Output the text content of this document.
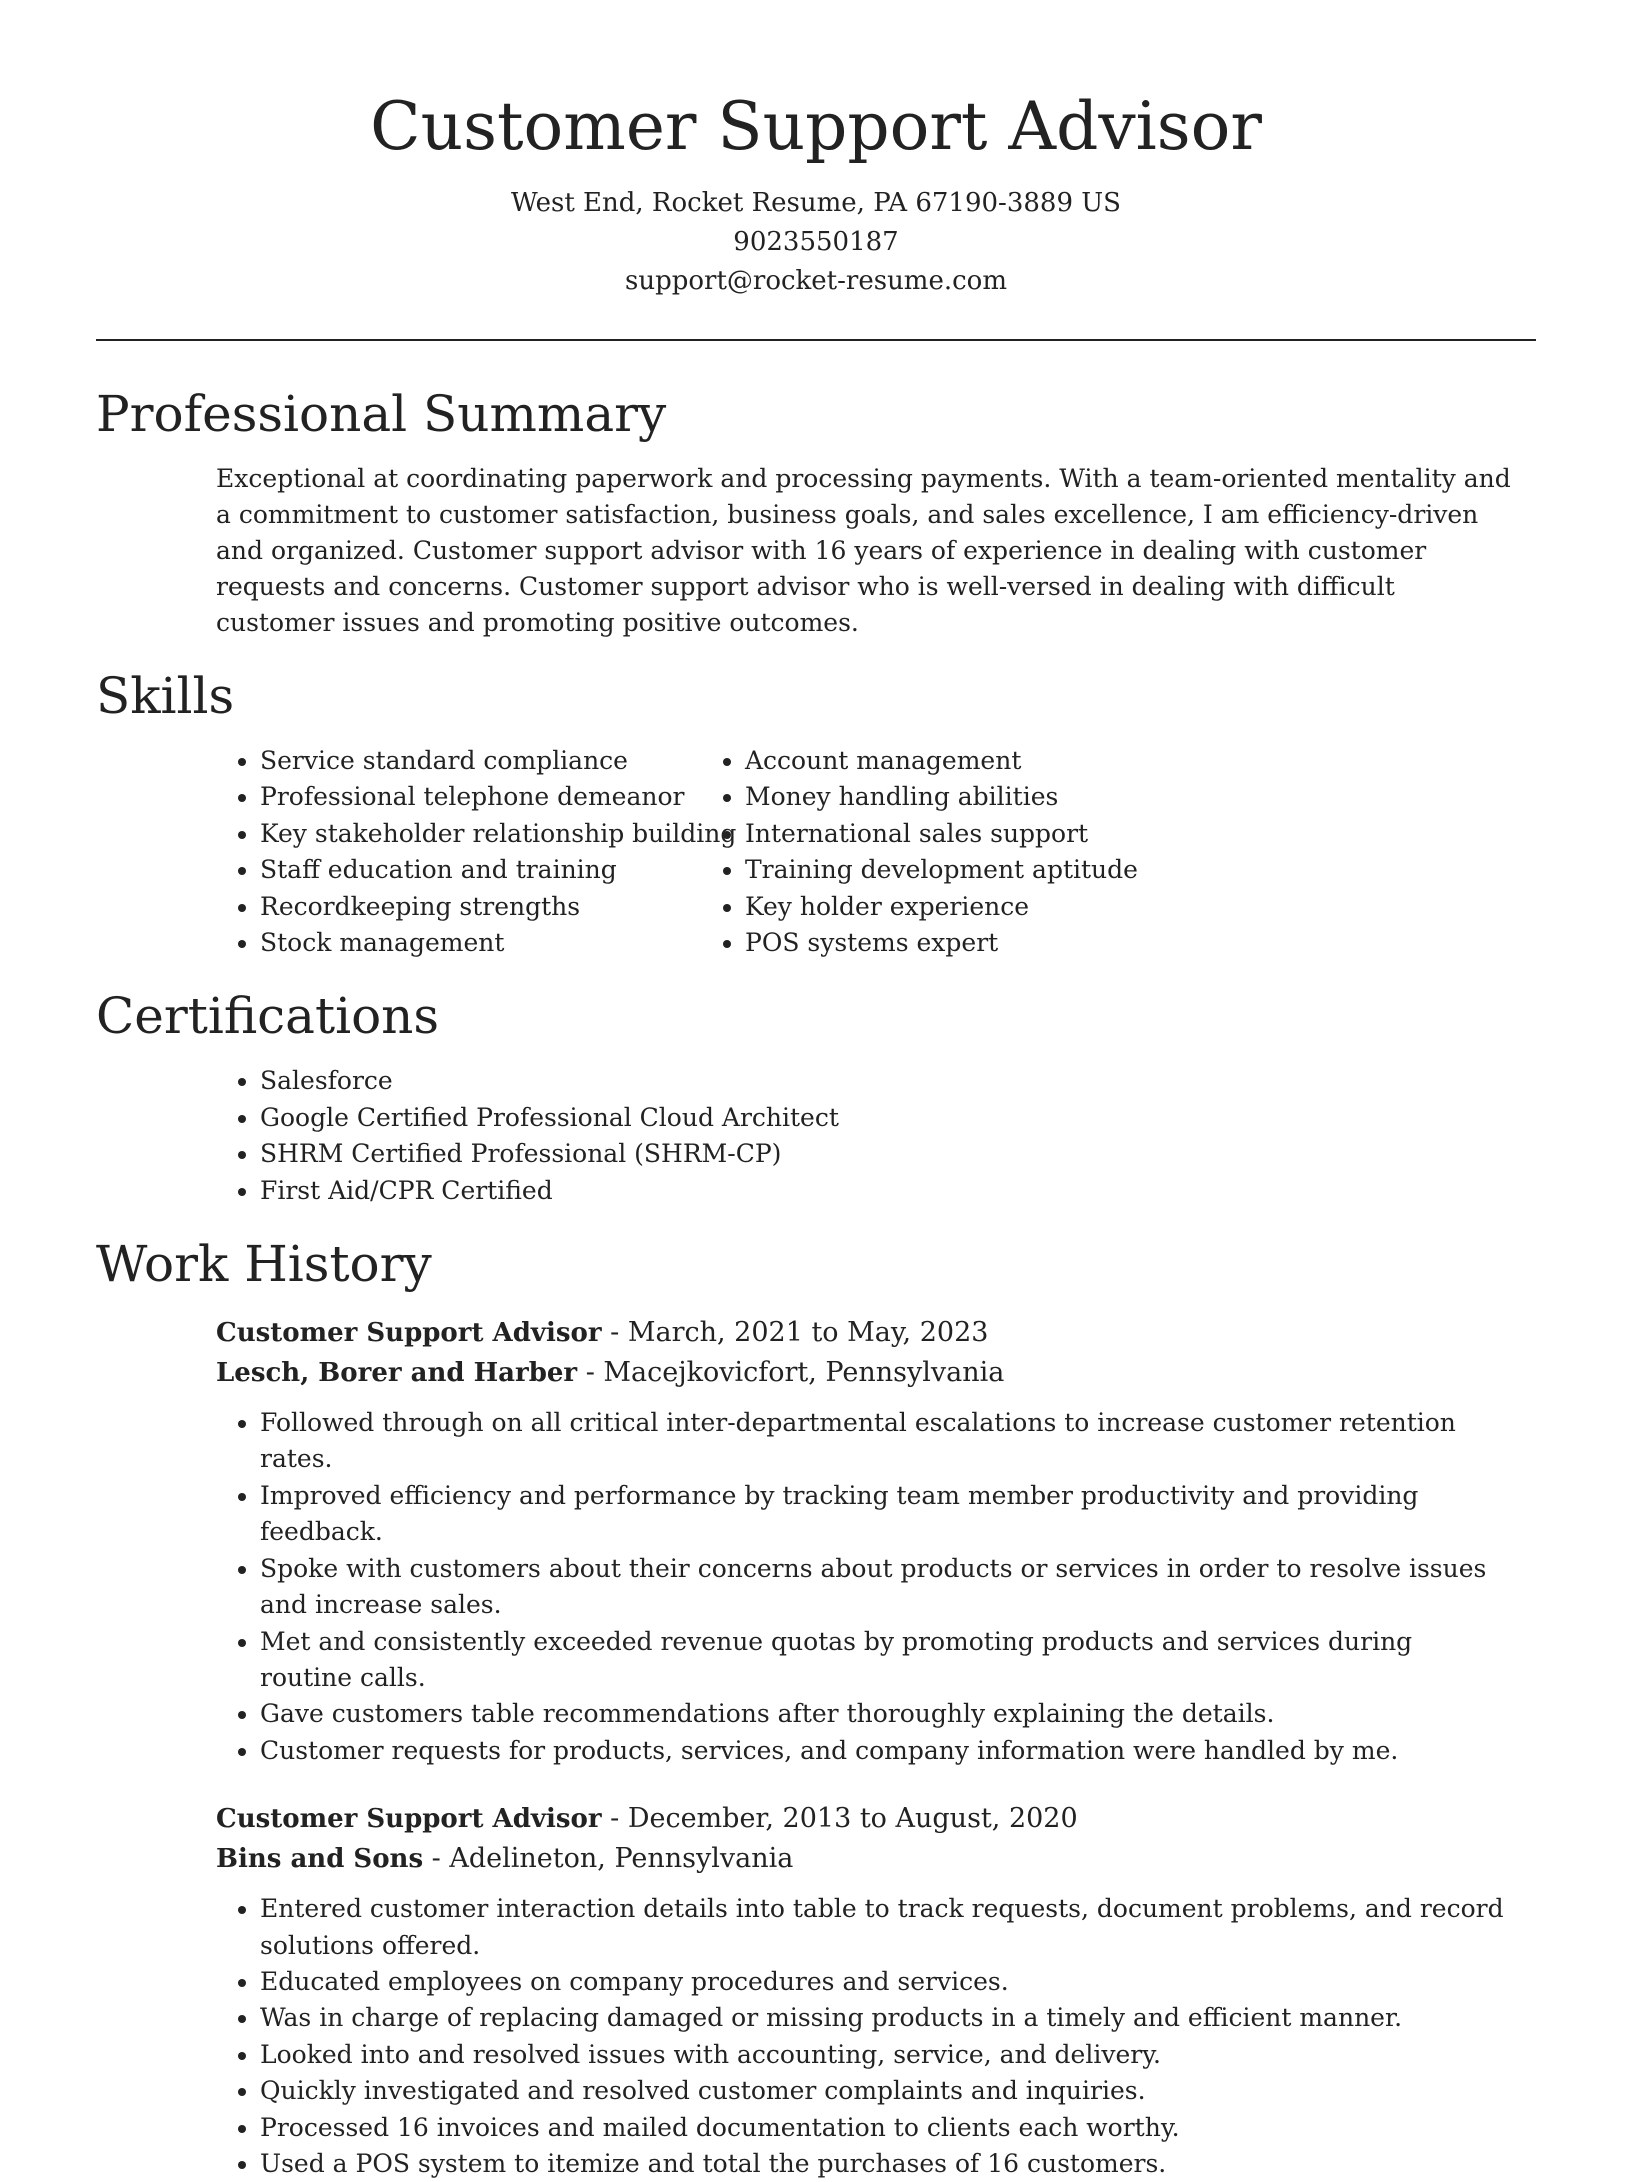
Customer Support Advisor
West End, Rocket Resume, PA 67190-3889 US
9023550187
support@rocket-resume.com
Professional Summary

Exceptional at coordinating paperwork and processing payments. With a team-oriented mentality and a commitment to customer satisfaction, business goals, and sales excellence, I am efficiency-driven and organized. Customer support advisor with 16 years of experience in dealing with customer requests and concerns. Customer support advisor who is well-versed in dealing with difficult customer issues and promoting positive outcomes.

Skills
• Service standard compliance
• Professional telephone demeanor
• Key stakeholder relationship building
• Staff education and training
• Recordkeeping strengths
• Stock management
• Account management
• Money handling abilities
• International sales support
• Training development aptitude
• Key holder experience
• POS systems expert
Certifications
• Salesforce
• Google Certified Professional Cloud Architect
• SHRM Certified Professional (SHRM-CP)
• First Aid/CPR Certified
Work History
Customer Support Advisor - March, 2021 to May, 2023
Lesch, Borer and Harber - Macejkovicfort, Pennsylvania
• Followed through on all critical inter-departmental escalations to increase customer retention rates.
• Improved efficiency and performance by tracking team member productivity and providing feedback.
• Spoke with customers about their concerns about products or services in order to resolve issues and increase sales.
• Met and consistently exceeded revenue quotas by promoting products and services during routine calls.
• Gave customers table recommendations after thoroughly explaining the details.
• Customer requests for products, services, and company information were handled by me.
Customer Support Advisor - December, 2013 to August, 2020
Bins and Sons - Adelineton, Pennsylvania
• Entered customer interaction details into table to track requests, document problems, and record solutions offered.
• Educated employees on company procedures and services.
• Was in charge of replacing damaged or missing products in a timely and efficient manner.
• Looked into and resolved issues with accounting, service, and delivery.
• Quickly investigated and resolved customer complaints and inquiries.
• Processed 16 invoices and mailed documentation to clients each worthy.
• Used a POS system to itemize and total the purchases of 16 customers.
